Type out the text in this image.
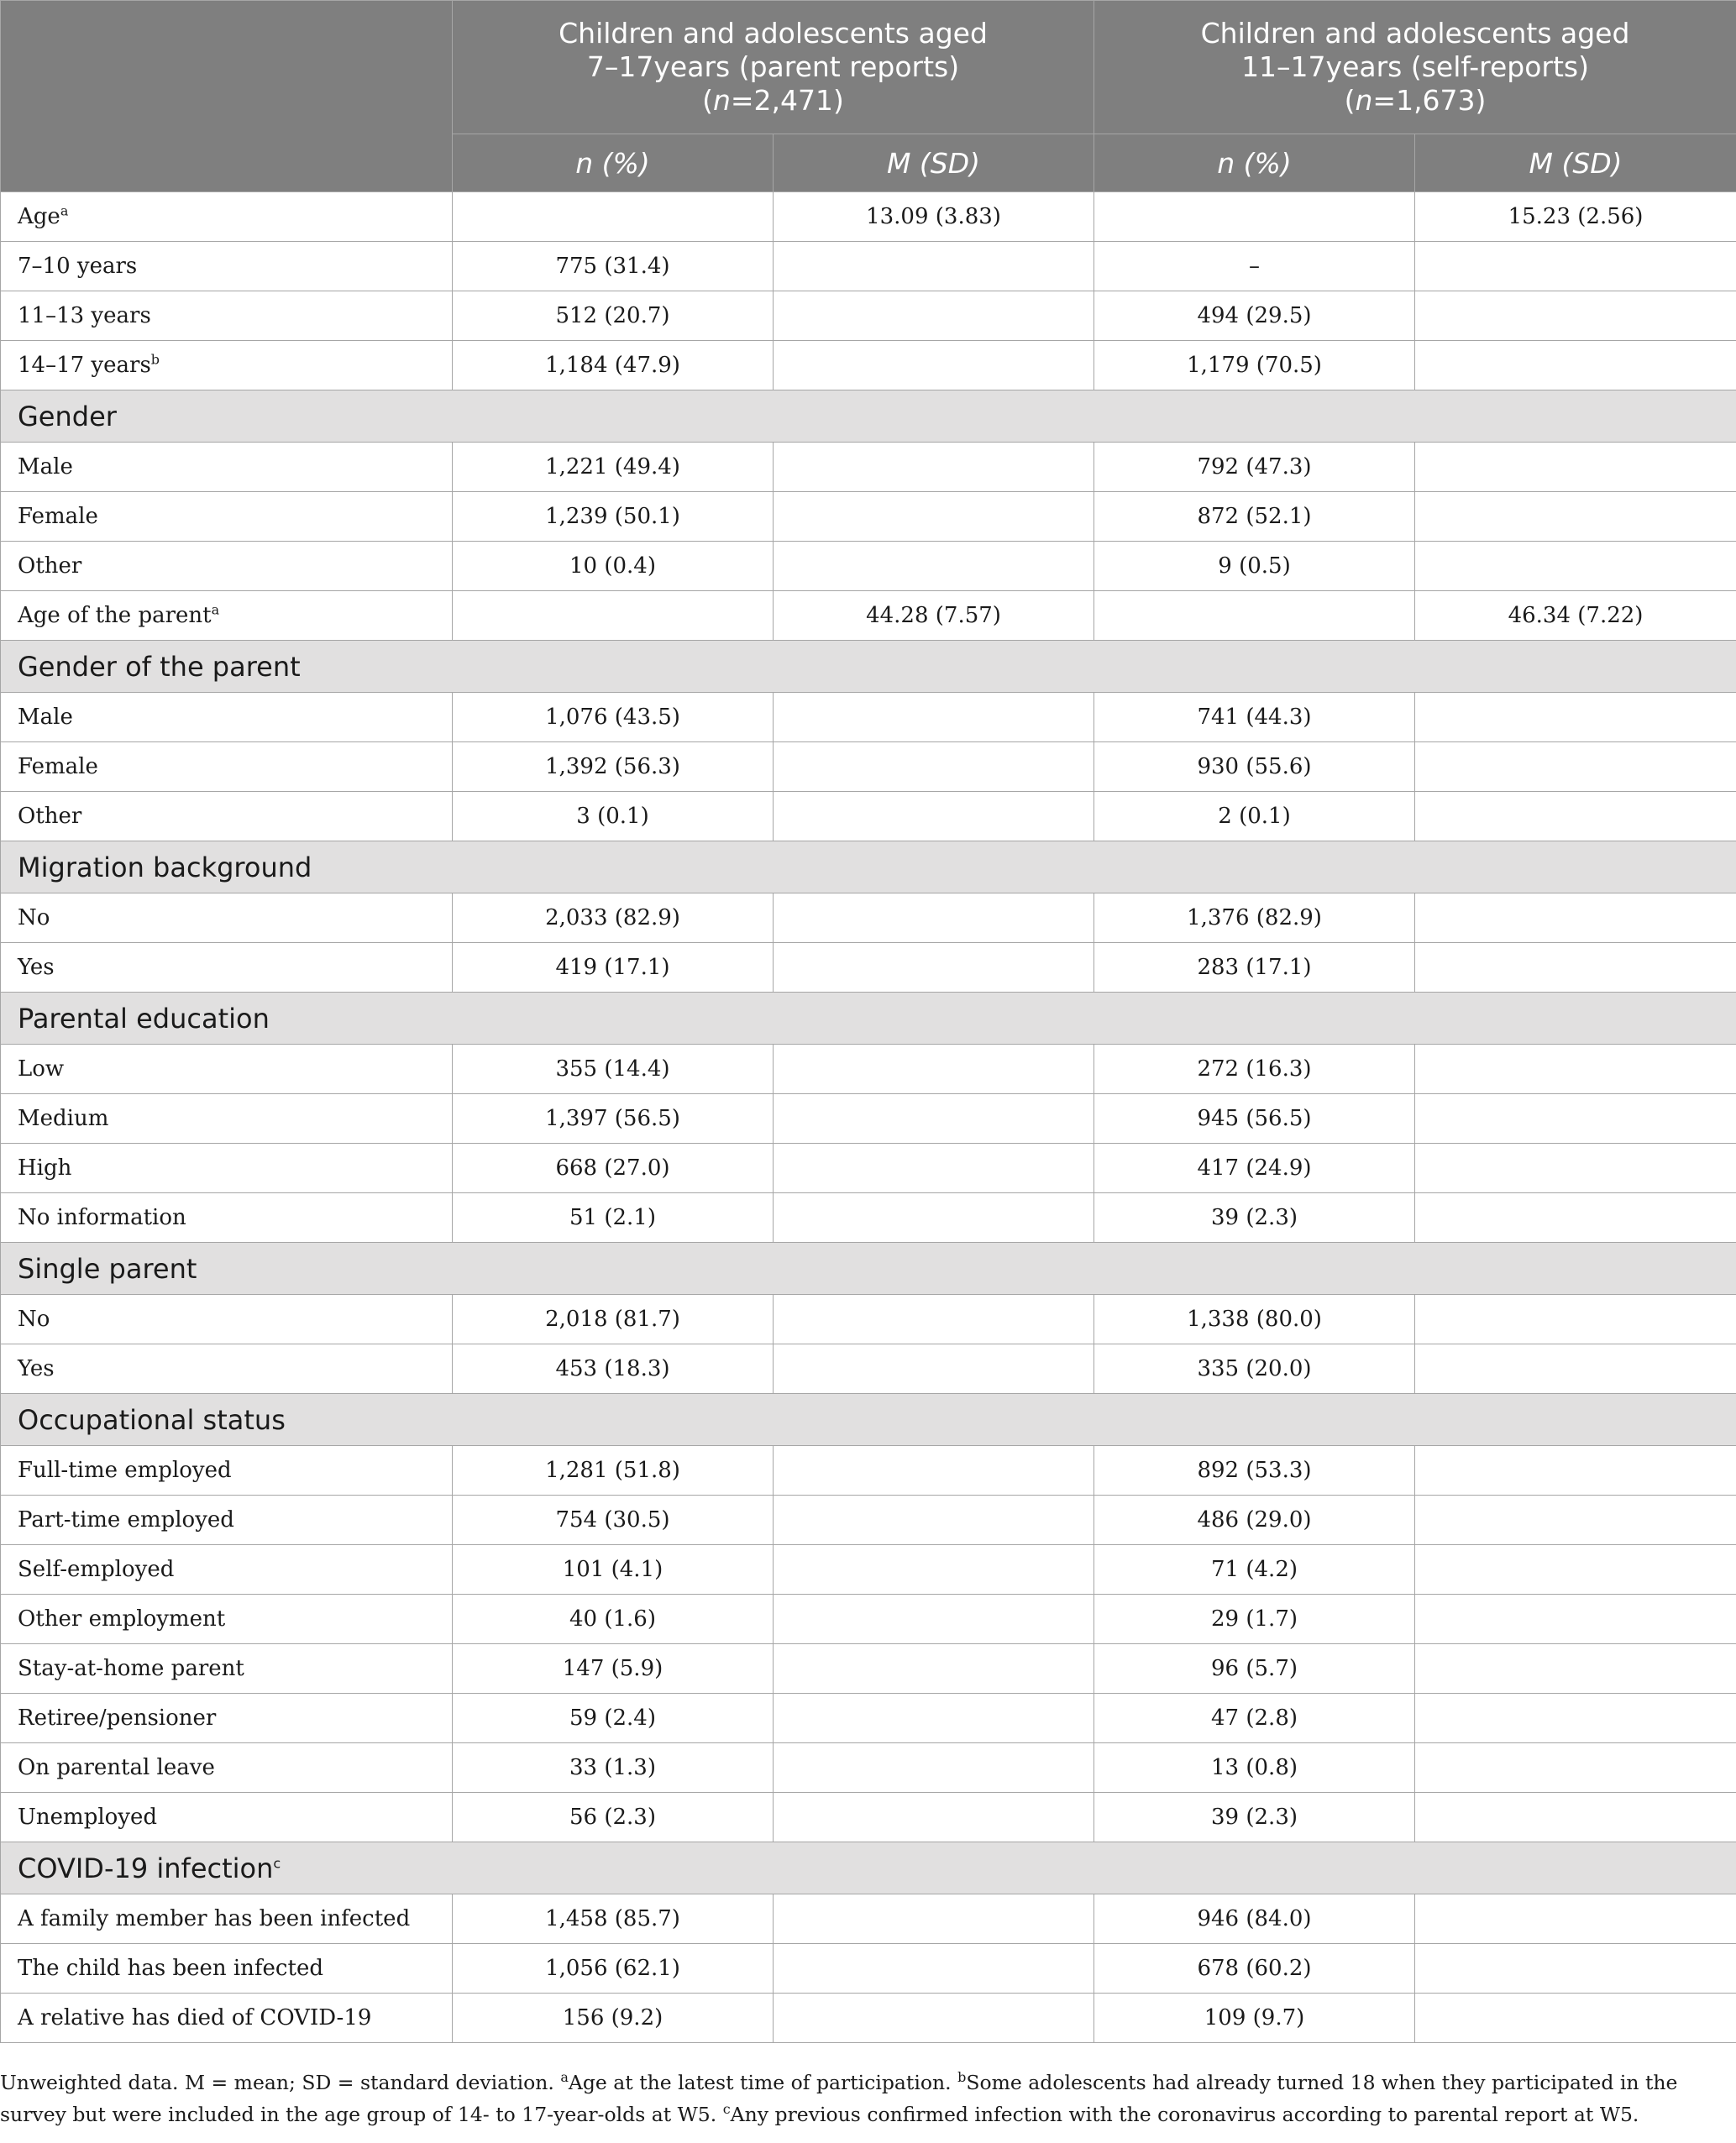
	Children and adolescents aged
7–17years (parent reports)
(n=2,471)		Children and adolescents aged
11–17years (self-reports)
(n=1,673)	

	n (%)	M (SD)	n (%)	M (SD)
Age$^a$		13.09 (3.83)		15.23 (2.56)
7–10 years	775 (31.4)		–	
11–13 years	512 (20.7)		494 (29.5)	
14–17 years$^b$	1,184 (47.9)		1,179 (70.5)	
Gender				
Male	1,221 (49.4)		792 (47.3)	
Female	1,239 (50.1)		872 (52.1)	
Other	10 (0.4)		9 (0.5)	
Age of the parent$^a$		44.28 (7.57)		46.34 (7.22)
Gender of the parent				
Male	1,076 (43.5)		741 (44.3)	
Female	1,392 (56.3)		930 (55.6)	
Other	3 (0.1)		2 (0.1)	
Migration background				
No	2,033 (82.9)		1,376 (82.9)	
Yes	419 (17.1)		283 (17.1)	
Parental education				
Low	355 (14.4)		272 (16.3)	
Medium	1,397 (56.5)		945 (56.5)	
High	668 (27.0)		417 (24.9)	
No information	51 (2.1)		39 (2.3)	
Single parent				
No	2,018 (81.7)		1,338 (80.0)	
Yes	453 (18.3)		335 (20.0)	
Occupational status				
Full-time employed	1,281 (51.8)		892 (53.3)	
Part-time employed	754 (30.5)		486 (29.0)	
Self-employed	101 (4.1)		71 (4.2)	
Other employment	40 (1.6)		29 (1.7)	
Stay-at-home parent	147 (5.9)		96 (5.7)	
Retiree/pensioner	59 (2.4)		47 (2.8)	
On parental leave	33 (1.3)		13 (0.8)	
Unemployed	56 (2.3)		39 (2.3)	
COVID-19 infection$^c$
A family member has been infected	1,458 (85.7)		946 (84.0)	
The child has been infected	1,056 (62.1)		678 (60.2)	
A relative has died of COVID-19	156 (9.2)		109 (9.7)	
Unweighted data. M = mean; SD = standard deviation. $^a$Age at the latest time of participation. $^b$Some adolescents had already turned 18 when they participated in the survey but were included in the age group of 14- to 17-year-olds at W5. $^c$Any previous confirmed infection with the coronavirus according to parental report at W5.
